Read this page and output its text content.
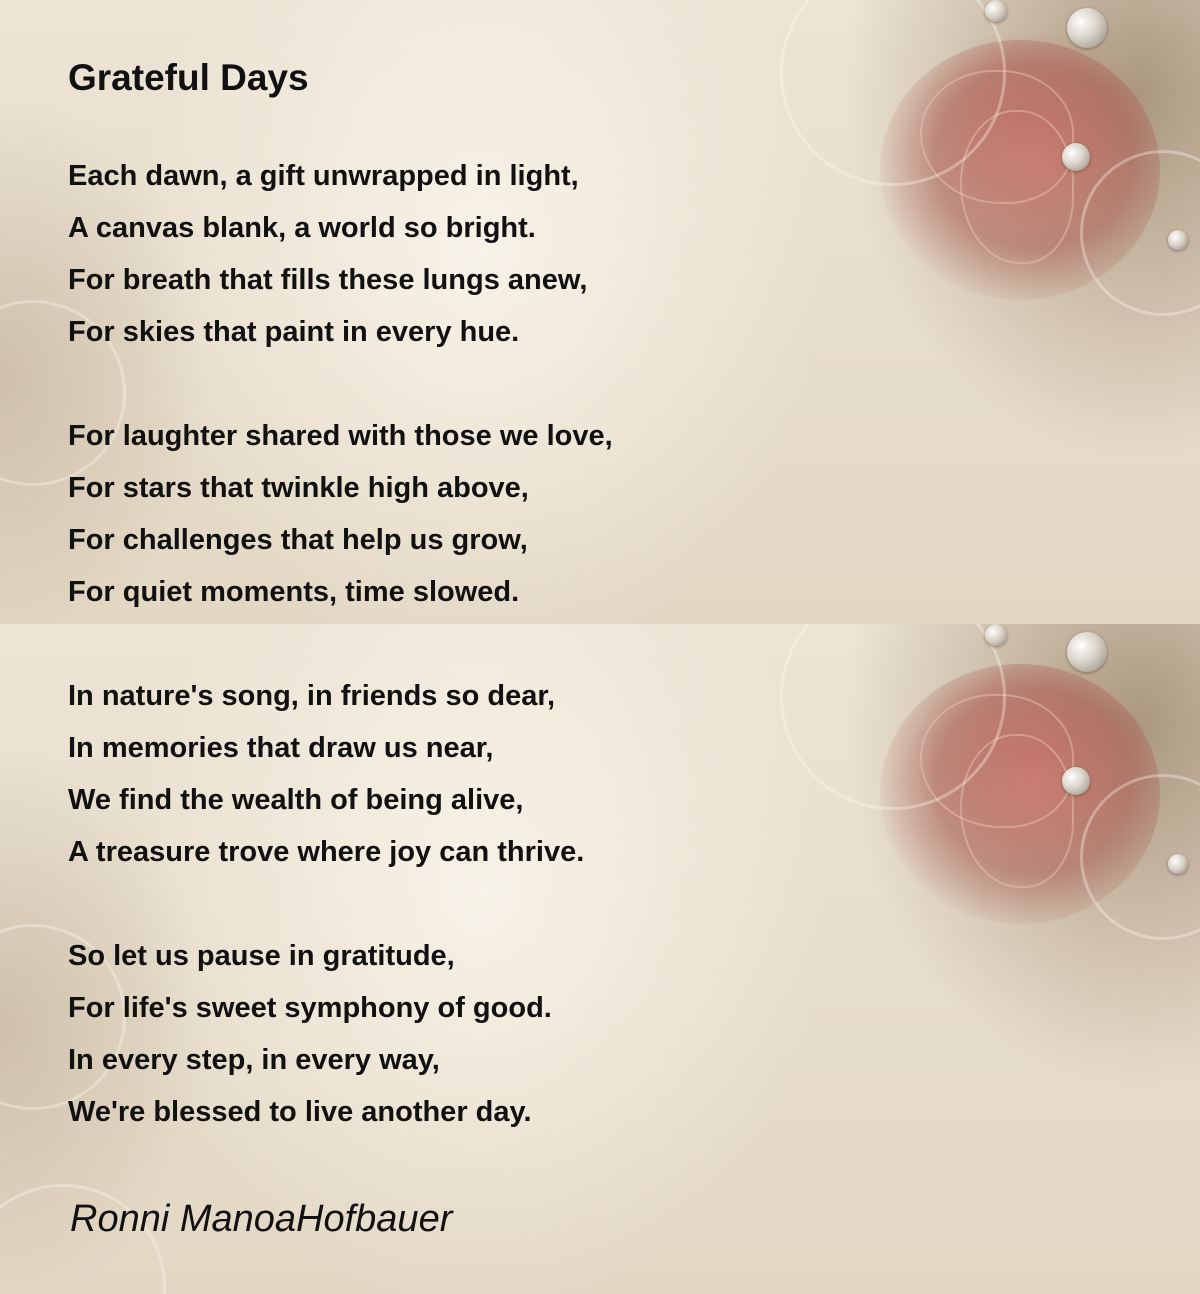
Grateful Days
Each dawn, a gift unwrapped in light,
A canvas blank, a world so bright.
For breath that fills these lungs anew,
For skies that paint in every hue.
For laughter shared with those we love,
For stars that twinkle high above,
For challenges that help us grow,
For quiet moments, time slowed.
In nature's song, in friends so dear,
In memories that draw us near,
We find the wealth of being alive,
A treasure trove where joy can thrive.
So let us pause in gratitude,
For life's sweet symphony of good.
In every step, in every way,
We're blessed to live another day.
Ronni ManoaHofbauer
